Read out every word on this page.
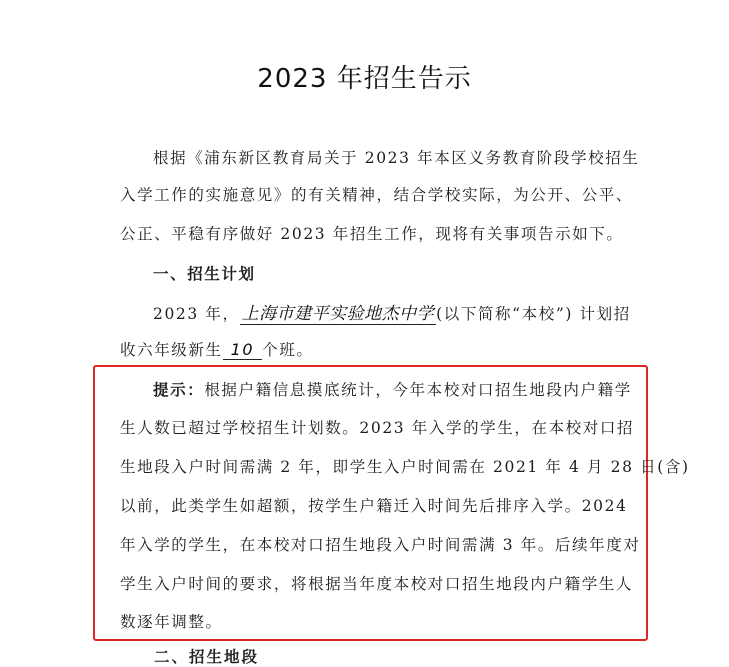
2023 年招生告示
根据《浦东新区教育局关于 2023 年本区义务教育阶段学校招生
入学工作的实施意见》的有关精神，结合学校实际，为公开、公平、
公正、平稳有序做好 2023 年招生工作，现将有关事项告示如下。
一、招生计划
2023 年， 上海市建平实验地杰中学 (以下简称“本校”) 计划招
收六年级新生 10 个班。
提示：根据户籍信息摸底统计，今年本校对口招生地段内户籍学
生人数已超过学校招生计划数。2023 年入学的学生，在本校对口招
生地段入户时间需满 2 年，即学生入户时间需在 2021 年 4 月 28 日(含)
以前，此类学生如超额，按学生户籍迁入时间先后排序入学。2024
年入学的学生，在本校对口招生地段入户时间需满 3 年。后续年度对
学生入户时间的要求，将根据当年度本校对口招生地段内户籍学生人
数逐年调整。
二、招生地段
